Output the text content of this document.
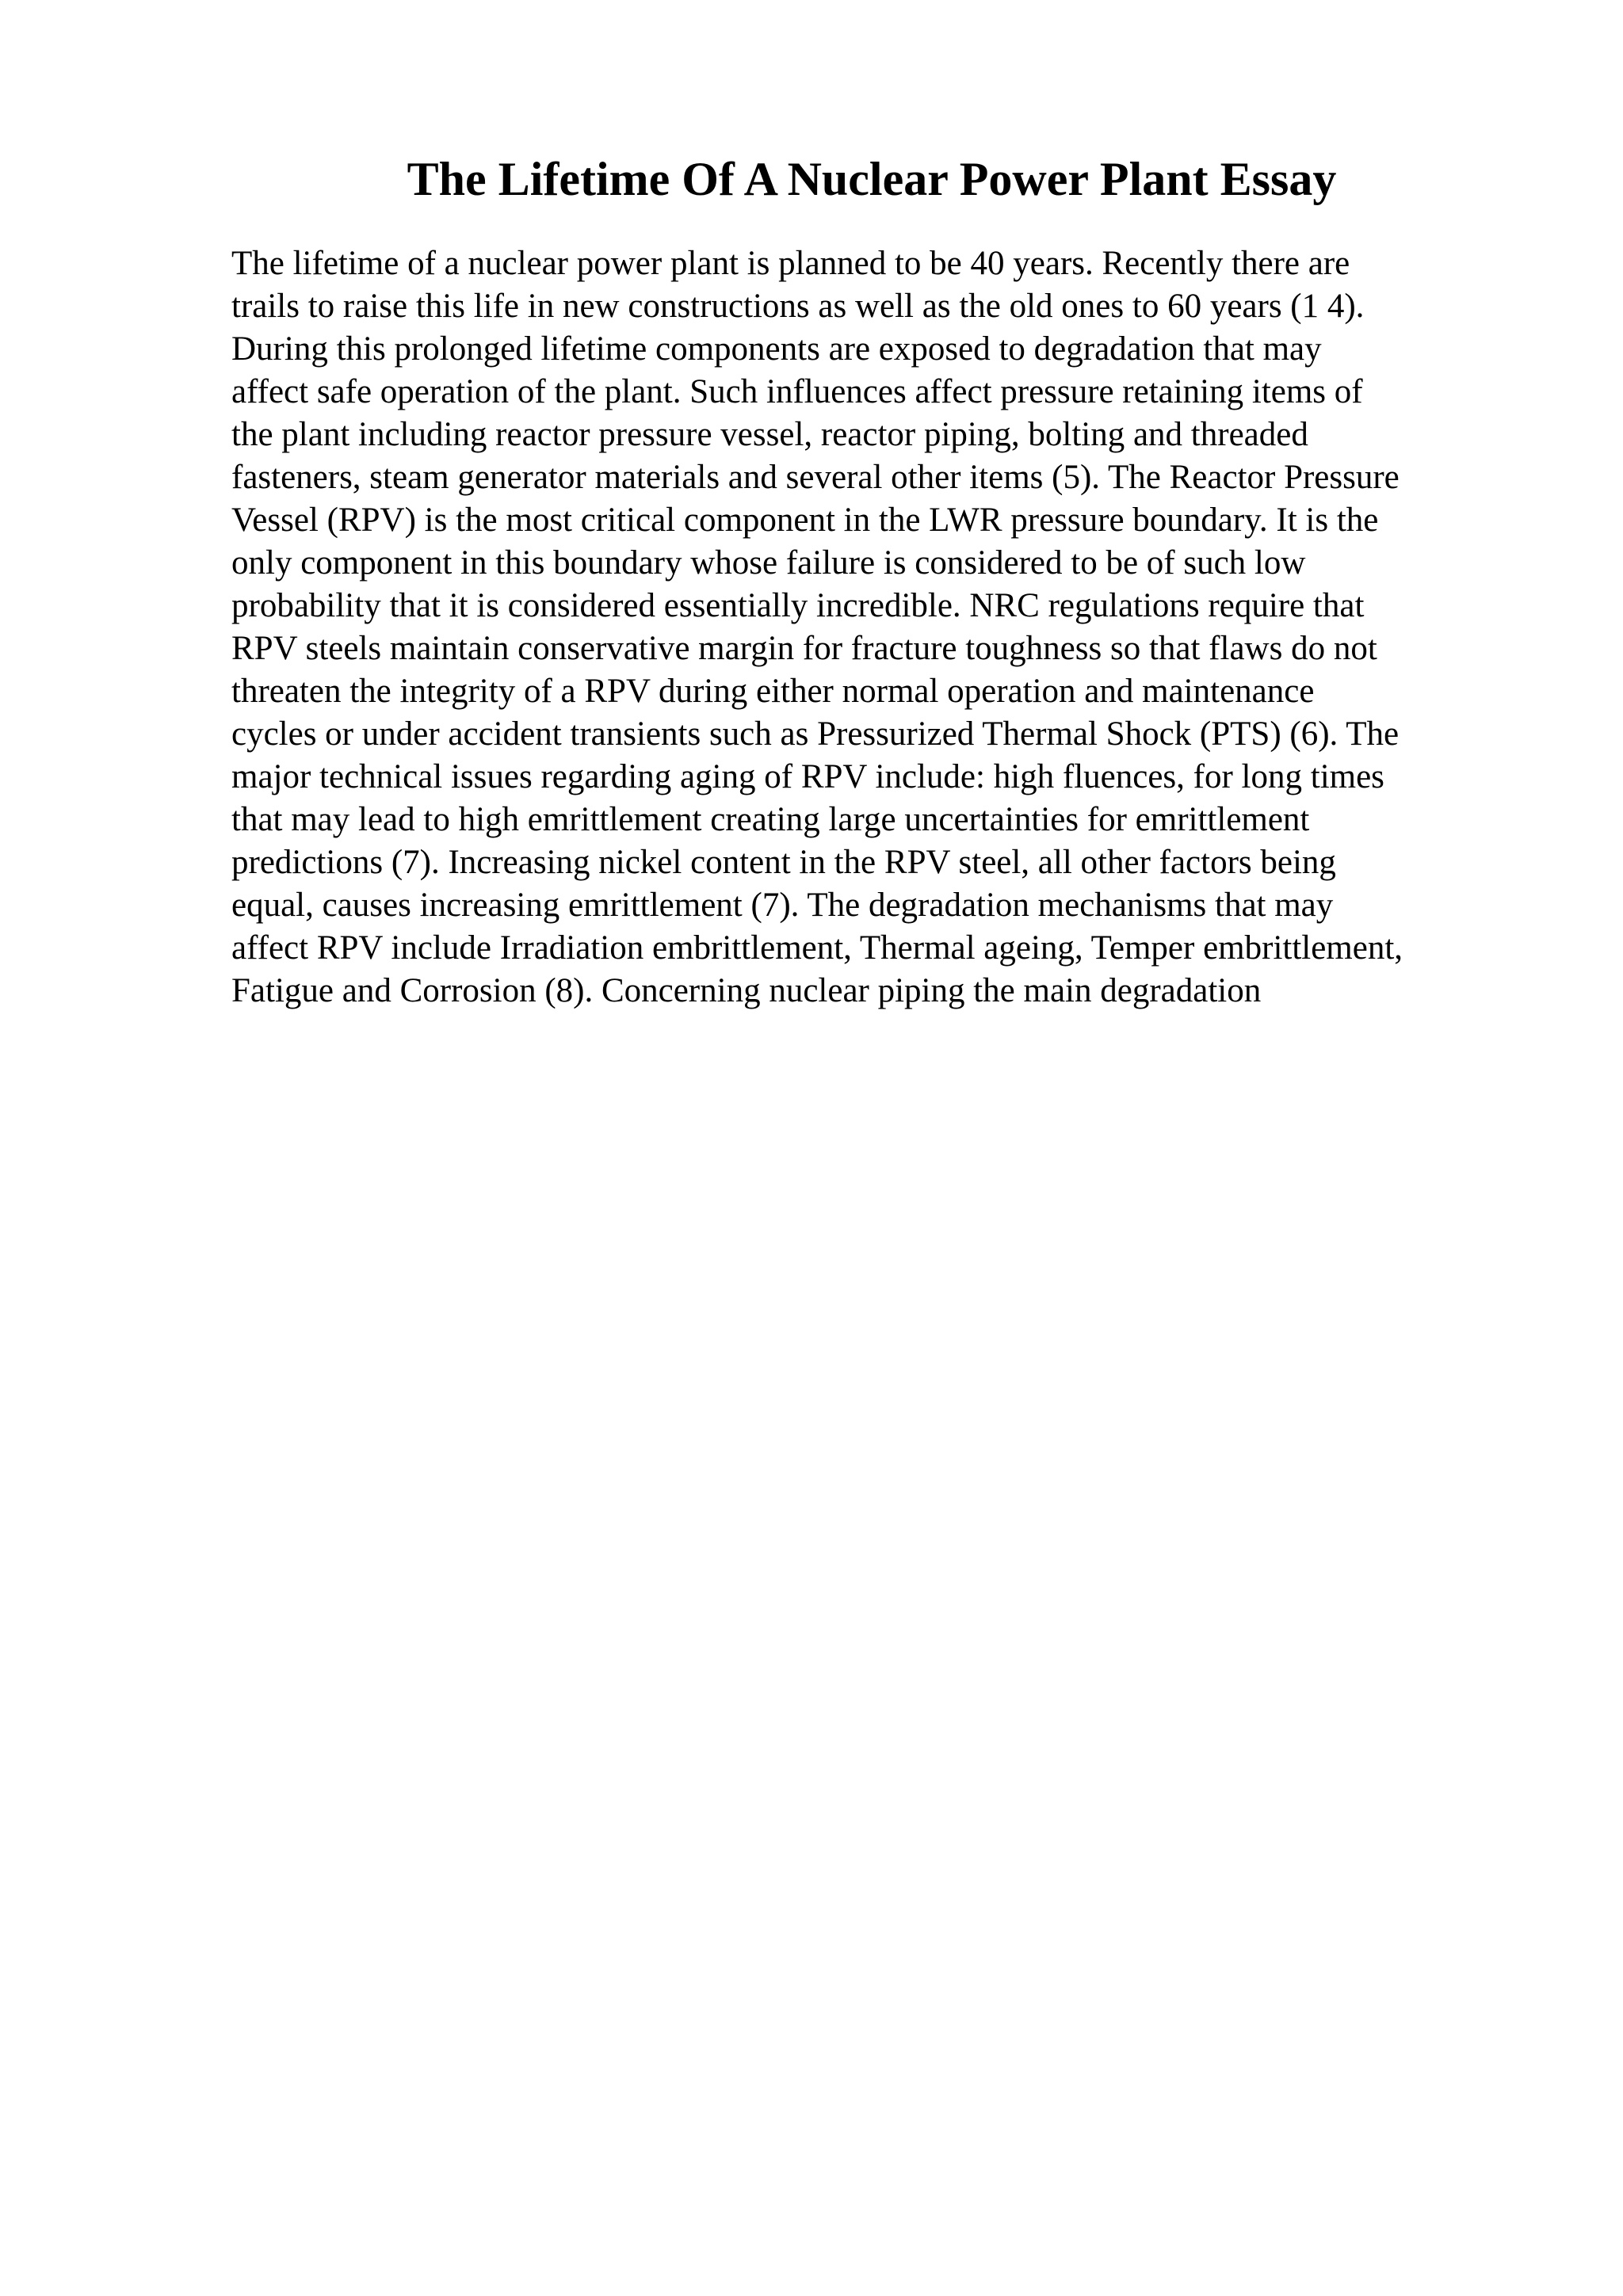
The Lifetime Of A Nuclear Power Plant Essay
The lifetime of a nuclear power plant is planned to be 40 years. Recently there are
trails to raise this life in new constructions as well as the old ones to 60 years (1 4).
During this prolonged lifetime components are exposed to degradation that may
affect safe operation of the plant. Such influences affect pressure retaining items of
the plant including reactor pressure vessel, reactor piping, bolting and threaded
fasteners, steam generator materials and several other items (5). The Reactor Pressure
Vessel (RPV) is the most critical component in the LWR pressure boundary. It is the
only component in this boundary whose failure is considered to be of such low
probability that it is considered essentially incredible. NRC regulations require that
RPV steels maintain conservative margin for fracture toughness so that flaws do not
threaten the integrity of a RPV during either normal operation and maintenance
cycles or under accident transients such as Pressurized Thermal Shock (PTS) (6). The
major technical issues regarding aging of RPV include: high fluences, for long times
that may lead to high emrittlement creating large uncertainties for emrittlement
predictions (7). Increasing nickel content in the RPV steel, all other factors being
equal, causes increasing emrittlement (7). The degradation mechanisms that may
affect RPV include Irradiation embrittlement, Thermal ageing, Temper embrittlement,
Fatigue and Corrosion (8). Concerning nuclear piping the main degradation
